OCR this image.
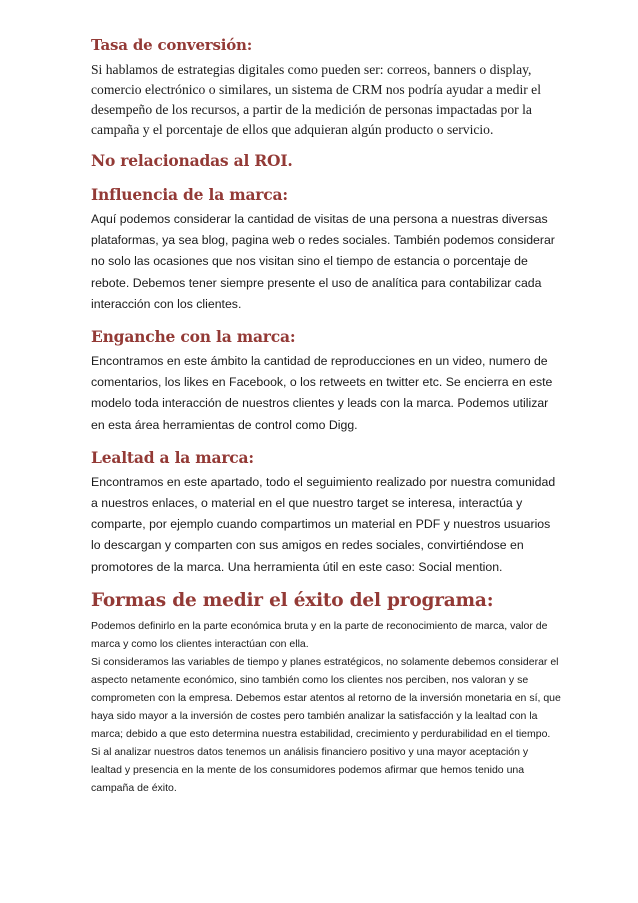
Tasa de conversión:

Si hablamos de estrategias digitales como pueden ser: correos, banners o display, comercio electrónico o similares, un sistema de CRM nos podría ayudar a medir el desempeño de los recursos, a partir de la medición de personas impactadas por la campaña y el porcentaje de ellos que adquieran algún producto o servicio.

No relacionadas al ROI.
Influencia de la marca:

Aquí podemos considerar la cantidad de visitas de una persona a nuestras diversas plataformas, ya sea blog, pagina web o redes sociales. También podemos considerar no solo las ocasiones que nos visitan sino el tiempo de estancia o porcentaje de rebote. Debemos tener siempre presente el uso de analítica para contabilizar cada interacción con los clientes.

Enganche con la marca:

Encontramos en este ámbito la cantidad de reproducciones en un video, numero de comentarios, los likes en Facebook, o los retweets en twitter etc. Se encierra en este modelo toda interacción de nuestros clientes y leads con la marca. Podemos utilizar en esta área herramientas de control como Digg.

Lealtad a la marca:

Encontramos en este apartado, todo el seguimiento realizado por nuestra comunidad a nuestros enlaces, o material en el que nuestro target se interesa, interactúa y comparte, por ejemplo cuando compartimos un material en PDF y nuestros usuarios lo descargan y comparten con sus amigos en redes sociales, convirtiéndose en promotores de la marca. Una herramienta útil en este caso: Social mention.

Formas de medir el éxito del programa:

Podemos definirlo en la parte económica bruta y en la parte de reconocimiento de marca, valor de marca y como los clientes interactúan con ella.

Si consideramos las variables de tiempo y planes estratégicos, no solamente debemos considerar el aspecto netamente económico, sino también como los clientes nos perciben, nos valoran y se comprometen con la empresa. Debemos estar atentos al retorno de la inversión monetaria en sí, que haya sido mayor a la inversión de costes pero también analizar la satisfacción y la lealtad con la marca; debido a que esto determina nuestra estabilidad, crecimiento y perdurabilidad en el tiempo.

Si al analizar nuestros datos tenemos un análisis financiero positivo y una mayor aceptación y lealtad y presencia en la mente de los consumidores podemos afirmar que hemos tenido una campaña de éxito.
